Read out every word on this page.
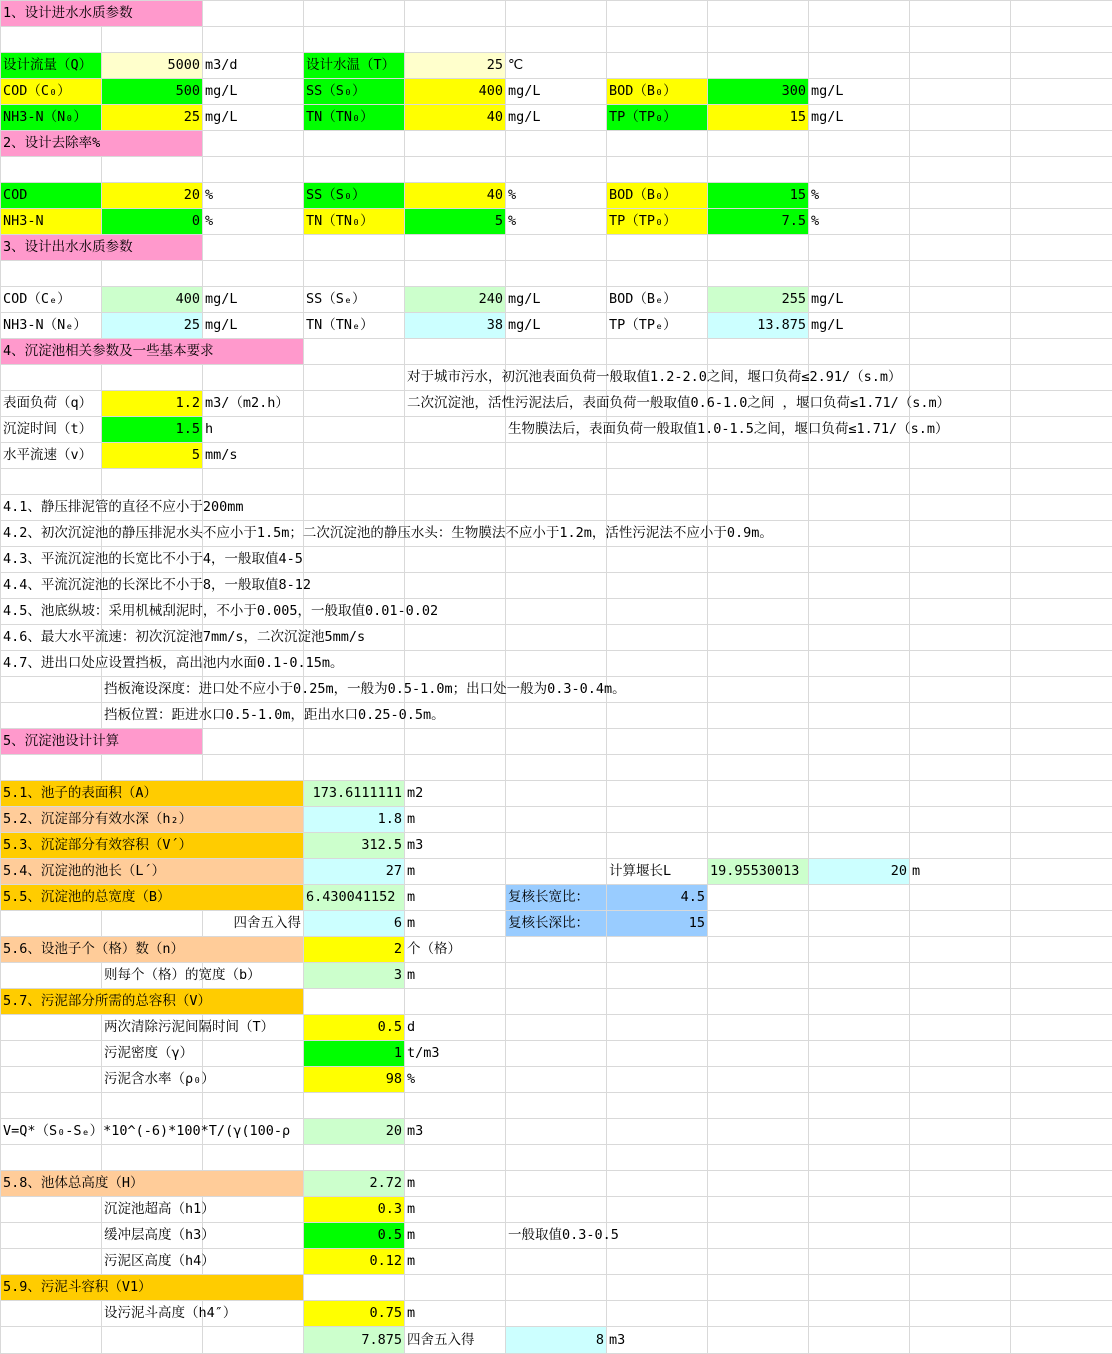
1、设计进水水质参数
设计流量（Q）	5000 m3/d	设计水温（T）	25 ℃
COD（C₀）	500 mg/L	SS（S₀）	400 mg/L	BOD（B₀）	300 mg/L
NH3-N（N₀）	25 mg/L	TN（TN₀）	40 mg/L	TP（TP₀）	15 mg/L
2、设计去除率%
COD	20 %	SS（S₀）	40 %	BOD（B₀）	15 %
NH3-N	0 %	TN（TN₀）	5 %	TP（TP₀）	7.5 %
3、设计出水水质参数
COD（Cₑ）	400 mg/L	SS（Sₑ）	240 mg/L	BOD（Bₑ）	255 mg/L
NH3-N（Nₑ）	25 mg/L	TN（TNₑ）	38 mg/L	TP（TPₑ）	13.875 mg/L
4、沉淀池相关参数及一些基本要求
对于城市污水，初沉池表面负荷一般取值1.2-2.0之间，堰口负荷≤2.91/（s.m）
表面负荷（q）	1.2 m3/（m2.h）	二次沉淀池，活性污泥法后，表面负荷一般取值0.6-1.0之间 ，堰口负荷≤1.71/（s.m）
沉淀时间（t）	1.5 h	生物膜法后，表面负荷一般取值1.0-1.5之间，堰口负荷≤1.71/（s.m）
水平流速（v）	5 mm/s
4.1、静压排泥管的直径不应小于200mm
4.2、初次沉淀池的静压排泥水头不应小于1.5m；二次沉淀池的静压水头：生物膜法不应小于1.2m，活性污泥法不应小于0.9m。
4.3、平流沉淀池的长宽比不小于4，一般取值4-5
4.4、平流沉淀池的长深比不小于8，一般取值8-12
4.5、池底纵坡：采用机械刮泥时，不小于0.005，一般取值0.01-0.02
4.6、最大水平流速：初次沉淀池7mm/s，二次沉淀池5mm/s
4.7、进出口处应设置挡板，高出池内水面0.1-0.15m。
挡板淹设深度：进口处不应小于0.25m，一般为0.5-1.0m；出口处一般为0.3-0.4m。
挡板位置：距进水口0.5-1.0m，距出水口0.25-0.5m。
5、沉淀池设计计算
5.1、池子的表面积（A）	173.6111111 m2
5.2、沉淀部分有效水深（h₂）	1.8 m
5.3、沉淀部分有效容积（V´）	312.5 m3
5.4、沉淀池的池长（L´）	27 m	计算堰长L	19.95530013	20 m
5.5、沉淀池的总宽度（B）	6.430041152 m	复核长宽比：	4.5
四舍五入得	6 m	复核长深比：	15
5.6、设池子个（格）数（n）	2 个（格）
则每个（格）的宽度（b）	3 m
5.7、污泥部分所需的总容积（V）
两次清除污泥间隔时间（T）	0.5 d
污泥密度（γ）	1 t/m3
污泥含水率（ρ₀）	98 %
V=Q*（S₀-Sₑ）*10^(-6)*100*T/(γ(100-ρ	20 m3
5.8、池体总高度（H）	2.72 m
沉淀池超高（h1）	0.3 m
缓冲层高度（h3）	0.5 m	一般取值0.3-0.5
污泥区高度（h4）	0.12 m
5.9、污泥斗容积（V1）
设污泥斗高度（h4″）	0.75 m
7.875 四舍五入得	8 m3
